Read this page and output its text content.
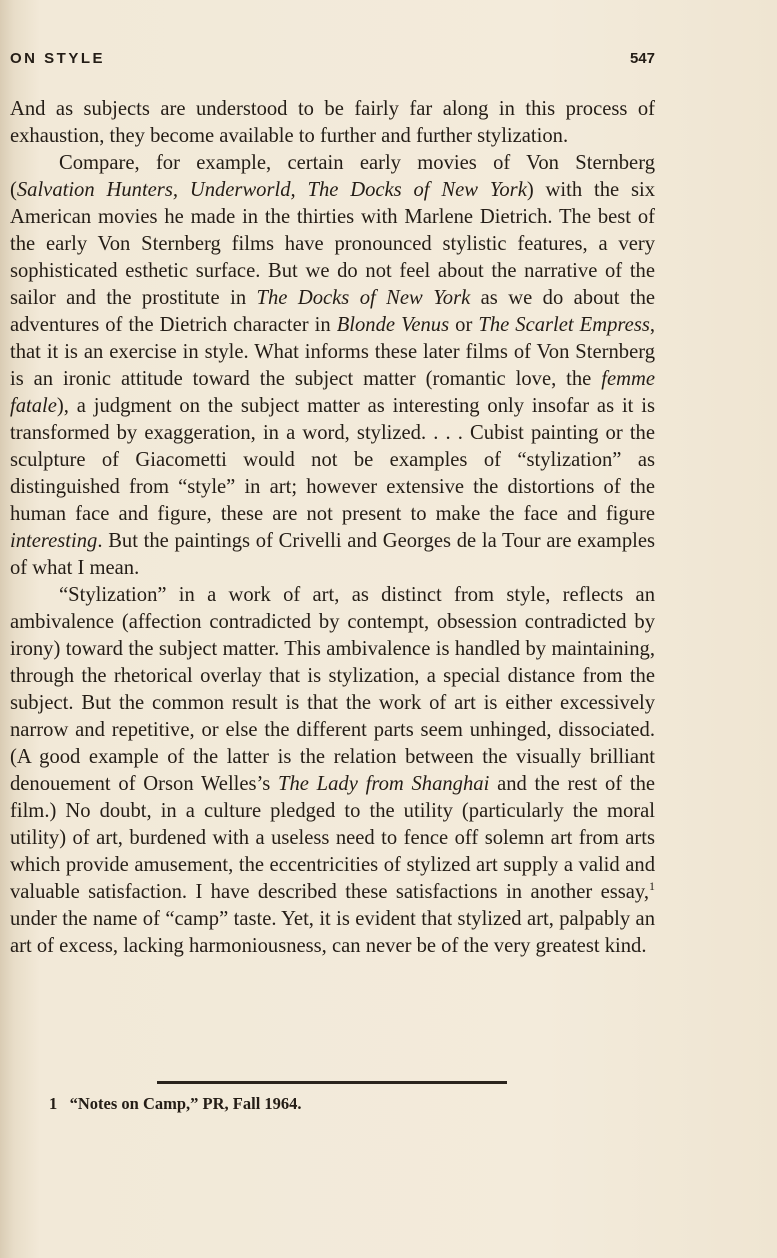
ON STYLE	547

And as subjects are understood to be fairly far along in this process of exhaustion, they become available to further and further stylization.

Compare, for example, certain early movies of Von Sternberg (Salvation Hunters, Underworld, The Docks of New York) with the six American movies he made in the thirties with Marlene Dietrich. The best of the early Von Sternberg films have pronounced stylistic features, a very sophisticated esthetic surface. But we do not feel about the narrative of the sailor and the prostitute in The Docks of New York as we do about the adventures of the Dietrich character in Blonde Venus or The Scarlet Empress, that it is an exercise in style. What informs these later films of Von Sternberg is an ironic attitude toward the subject matter (romantic love, the femme fatale), a judgment on the subject matter as interesting only insofar as it is transformed by exaggeration, in a word, stylized. . . . Cubist painting or the sculpture of Giacometti would not be examples of “stylization” as distinguished from “style” in art; however extensive the distortions of the human face and figure, these are not present to make the face and figure interesting. But the paintings of Crivelli and Georges de la Tour are examples of what I mean.

“Stylization” in a work of art, as distinct from style, reflects an ambivalence (affection contradicted by contempt, obsession contradicted by irony) toward the subject matter. This ambivalence is handled by maintaining, through the rhetorical overlay that is stylization, a special distance from the subject. But the common result is that the work of art is either excessively narrow and repetitive, or else the different parts seem unhinged, dissociated. (A good example of the latter is the relation between the visually brilliant denouement of Orson Welles’s The Lady from Shanghai and the rest of the film.) No doubt, in a culture pledged to the utility (particularly the moral utility) of art, burdened with a useless need to fence off solemn art from arts which provide amusement, the eccentricities of stylized art supply a valid and valuable satisfaction. I have described these satisfactions in another essay,$^1$ under the name of “camp” taste. Yet, it is evident that stylized art, palpably an art of excess, lacking harmoniousness, can never be of the very greatest kind.

1 “Notes on Camp,” PR, Fall 1964.
